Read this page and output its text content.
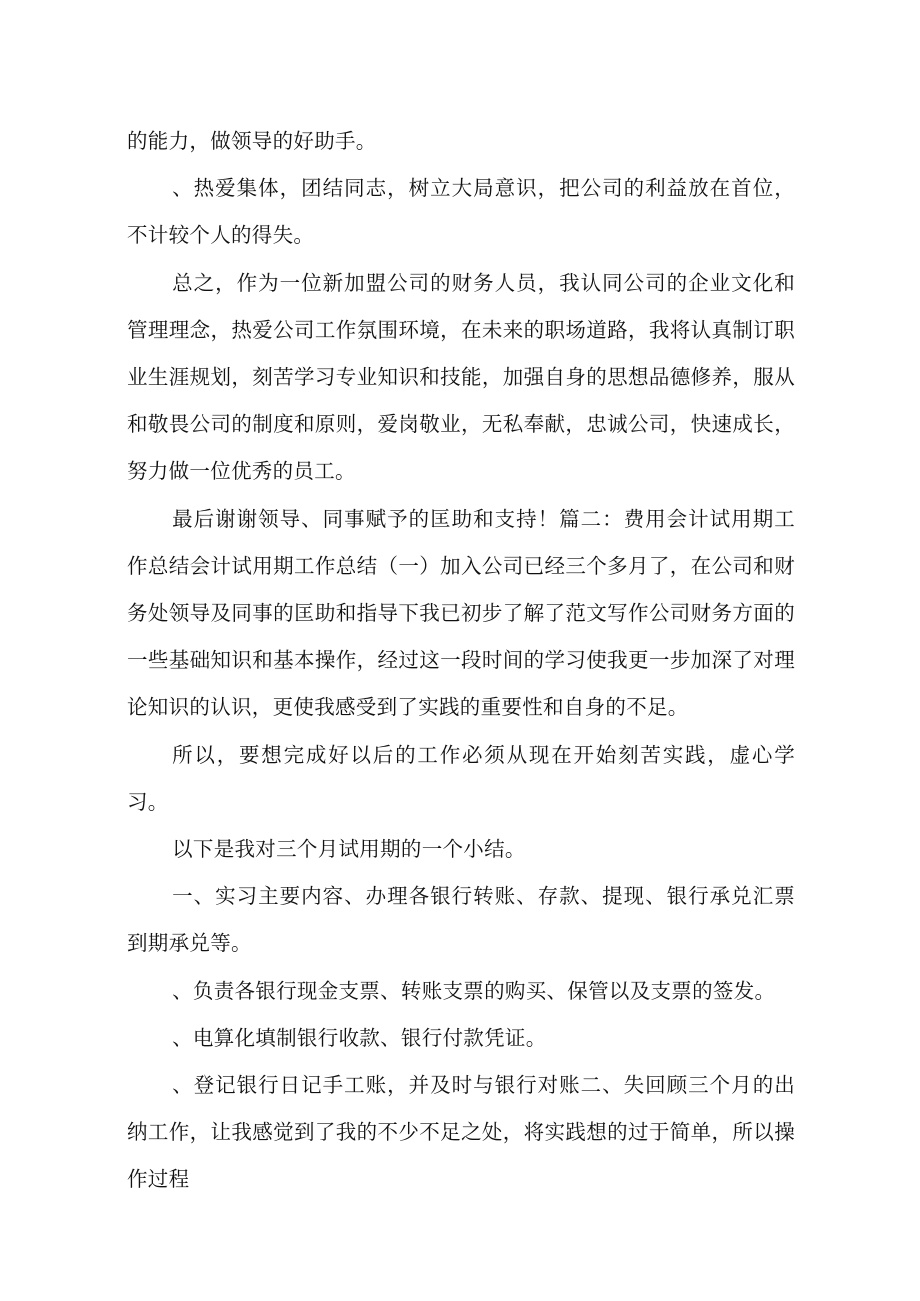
的能力，做领导的好助手。

、热爱集体，团结同志，树立大局意识，把公司的利益放在首位，不计较个人的得失。

总之，作为一位新加盟公司的财务人员，我认同公司的企业文化和管理理念，热爱公司工作氛围环境，在未来的职场道路，我将认真制订职业生涯规划，刻苦学习专业知识和技能，加强自身的思想品德修养，服从和敬畏公司的制度和原则，爱岗敬业，无私奉献，忠诚公司，快速成长，努力做一位优秀的员工。

最后谢谢领导、同事赋予的匡助和支持！篇二：费用会计试用期工作总结会计试用期工作总结（一）加入公司已经三个多月了，在公司和财务处领导及同事的匡助和指导下我已初步了解了范文写作公司财务方面的一些基础知识和基本操作，经过这一段时间的学习使我更一步加深了对理论知识的认识，更使我感受到了实践的重要性和自身的不足。

所以，要想完成好以后的工作必须从现在开始刻苦实践，虚心学习。

以下是我对三个月试用期的一个小结。

一、实习主要内容、办理各银行转账、存款、提现、银行承兑汇票到期承兑等。

、负责各银行现金支票、转账支票的购买、保管以及支票的签发。

、电算化填制银行收款、银行付款凭证。

、登记银行日记手工账，并及时与银行对账二、失回顾三个月的出纳工作，让我感觉到了我的不少不足之处，将实践想的过于简单，所以操作过程
